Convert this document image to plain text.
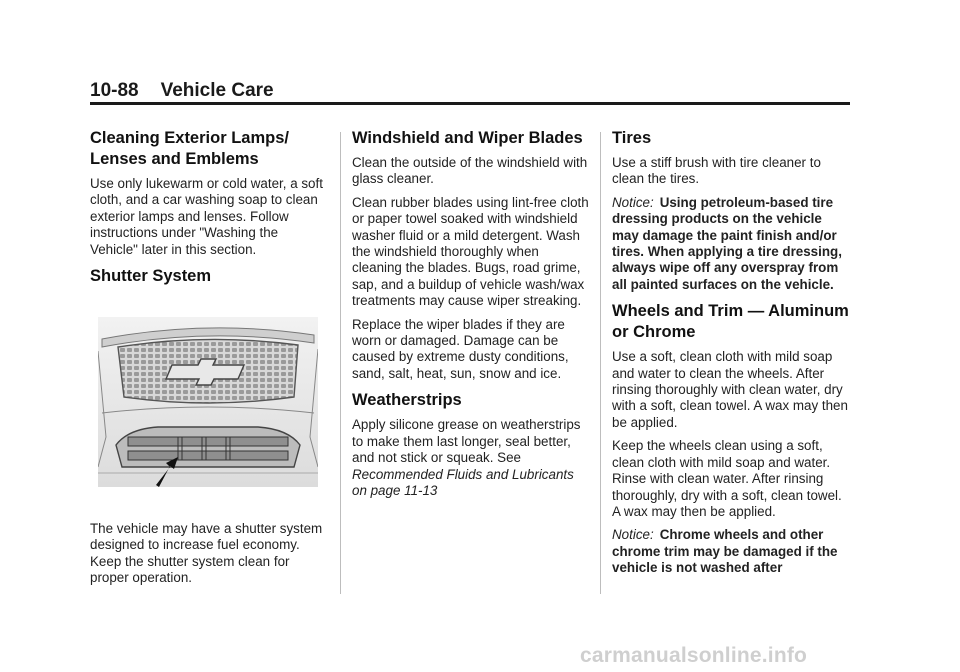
10-88 Vehicle Care
Cleaning Exterior Lamps/ Lenses and Emblems

Use only lukewarm or cold water, a soft cloth, and a car washing soap to clean exterior lamps and lenses. Follow instructions under "Washing the Vehicle" later in this section.

Shutter System

The vehicle may have a shutter system designed to increase fuel economy. Keep the shutter system clean for proper operation.

Windshield and Wiper Blades

Clean the outside of the windshield with glass cleaner.

Clean rubber blades using lint-free cloth or paper towel soaked with windshield washer fluid or a mild detergent. Wash the windshield thoroughly when cleaning the blades. Bugs, road grime, sap, and a buildup of vehicle wash/wax treatments may cause wiper streaking.

Replace the wiper blades if they are worn or damaged. Damage can be caused by extreme dusty conditions, sand, salt, heat, sun, snow and ice.

Weatherstrips

Apply silicone grease on weatherstrips to make them last longer, seal better, and not stick or squeak. See Recommended Fluids and Lubricants on page 11-13

Tires

Use a stiff brush with tire cleaner to clean the tires.

Notice: Using petroleum-based tire dressing products on the vehicle may damage the paint finish and/or tires. When applying a tire dressing, always wipe off any overspray from all painted surfaces on the vehicle.

Wheels and Trim — Aluminum or Chrome

Use a soft, clean cloth with mild soap and water to clean the wheels. After rinsing thoroughly with clean water, dry with a soft, clean towel. A wax may then be applied.

Keep the wheels clean using a soft, clean cloth with mild soap and water. Rinse with clean water. After rinsing thoroughly, dry with a soft, clean towel. A wax may then be applied.

Notice: Chrome wheels and other chrome trim may be damaged if the vehicle is not washed after

carmanualsonline.info
